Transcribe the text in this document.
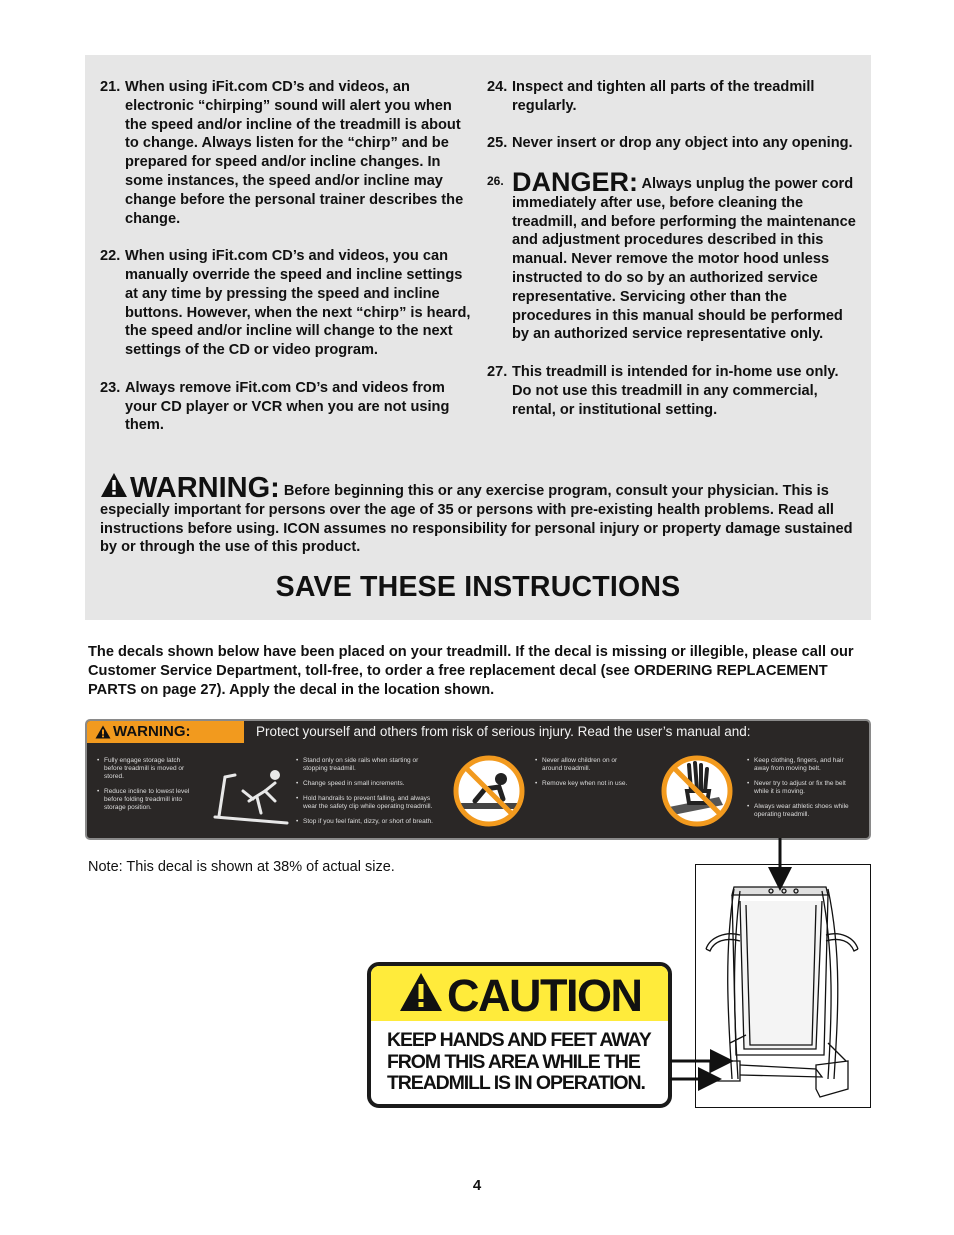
21. When using iFit.com CD’s and videos, an electronic “chirping” sound will alert you when the speed and/or incline of the treadmill is about to change. Always listen for the “chirp” and be prepared for speed and/or incline changes. In some instances, the speed and/or incline may change before the personal trainer describes the change.
22. When using iFit.com CD’s and videos, you can manually override the speed and incline settings at any time by pressing the speed and incline buttons. However, when the next “chirp” is heard, the speed and/or incline will change to the next settings of the CD or video program.
23. Always remove iFit.com CD’s and videos from your CD player or VCR when you are not using them.
24. Inspect and tighten all parts of the treadmill regularly.
25. Never insert or drop any object into any opening.
26. DANGER: Always unplug the power cord immediately after use, before cleaning the treadmill, and before performing the maintenance and adjustment procedures described in this manual. Never remove the motor hood unless instructed to do so by an authorized service representative. Servicing other than the procedures in this manual should be performed by an authorized service representative only.
27. This treadmill is intended for in-home use only. Do not use this treadmill in any commercial, rental, or institutional setting.
WARNING: Before beginning this or any exercise program, consult your physician. This is especially important for persons over the age of 35 or persons with pre-existing health problems. Read all instructions before using. ICON assumes no responsibility for personal injury or property damage sustained by or through the use of this product.
SAVE THESE INSTRUCTIONS
The decals shown below have been placed on your treadmill. If the decal is missing or illegible, please call our Customer Service Department, toll-free, to order a free replacement decal (see ORDERING REPLACEMENT PARTS on page 27). Apply the decal in the location shown.
WARNING:	Protect yourself and others from risk of serious injury. Read the user’s manual and:
• Fully engage storage latch before treadmill is moved or stored.
• Reduce incline to lowest level before folding treadmill into storage position.
• Stand only on side rails when starting or stopping treadmill.
• Change speed in small increments.
• Hold handrails to prevent falling, and always wear the safety clip while operating treadmill.
• Stop if you feel faint, dizzy, or short of breath.
• Never allow children on or around treadmill.
• Remove key when not in use.
• Keep clothing, fingers, and hair away from moving belt.
• Never try to adjust or fix the belt while it is moving.
• Always wear athletic shoes while operating treadmill.
Note: This decal is shown at 38% of actual size.
CAUTION
KEEP HANDS AND FEET AWAY FROM THIS AREA WHILE THE TREADMILL IS IN OPERATION.
4
